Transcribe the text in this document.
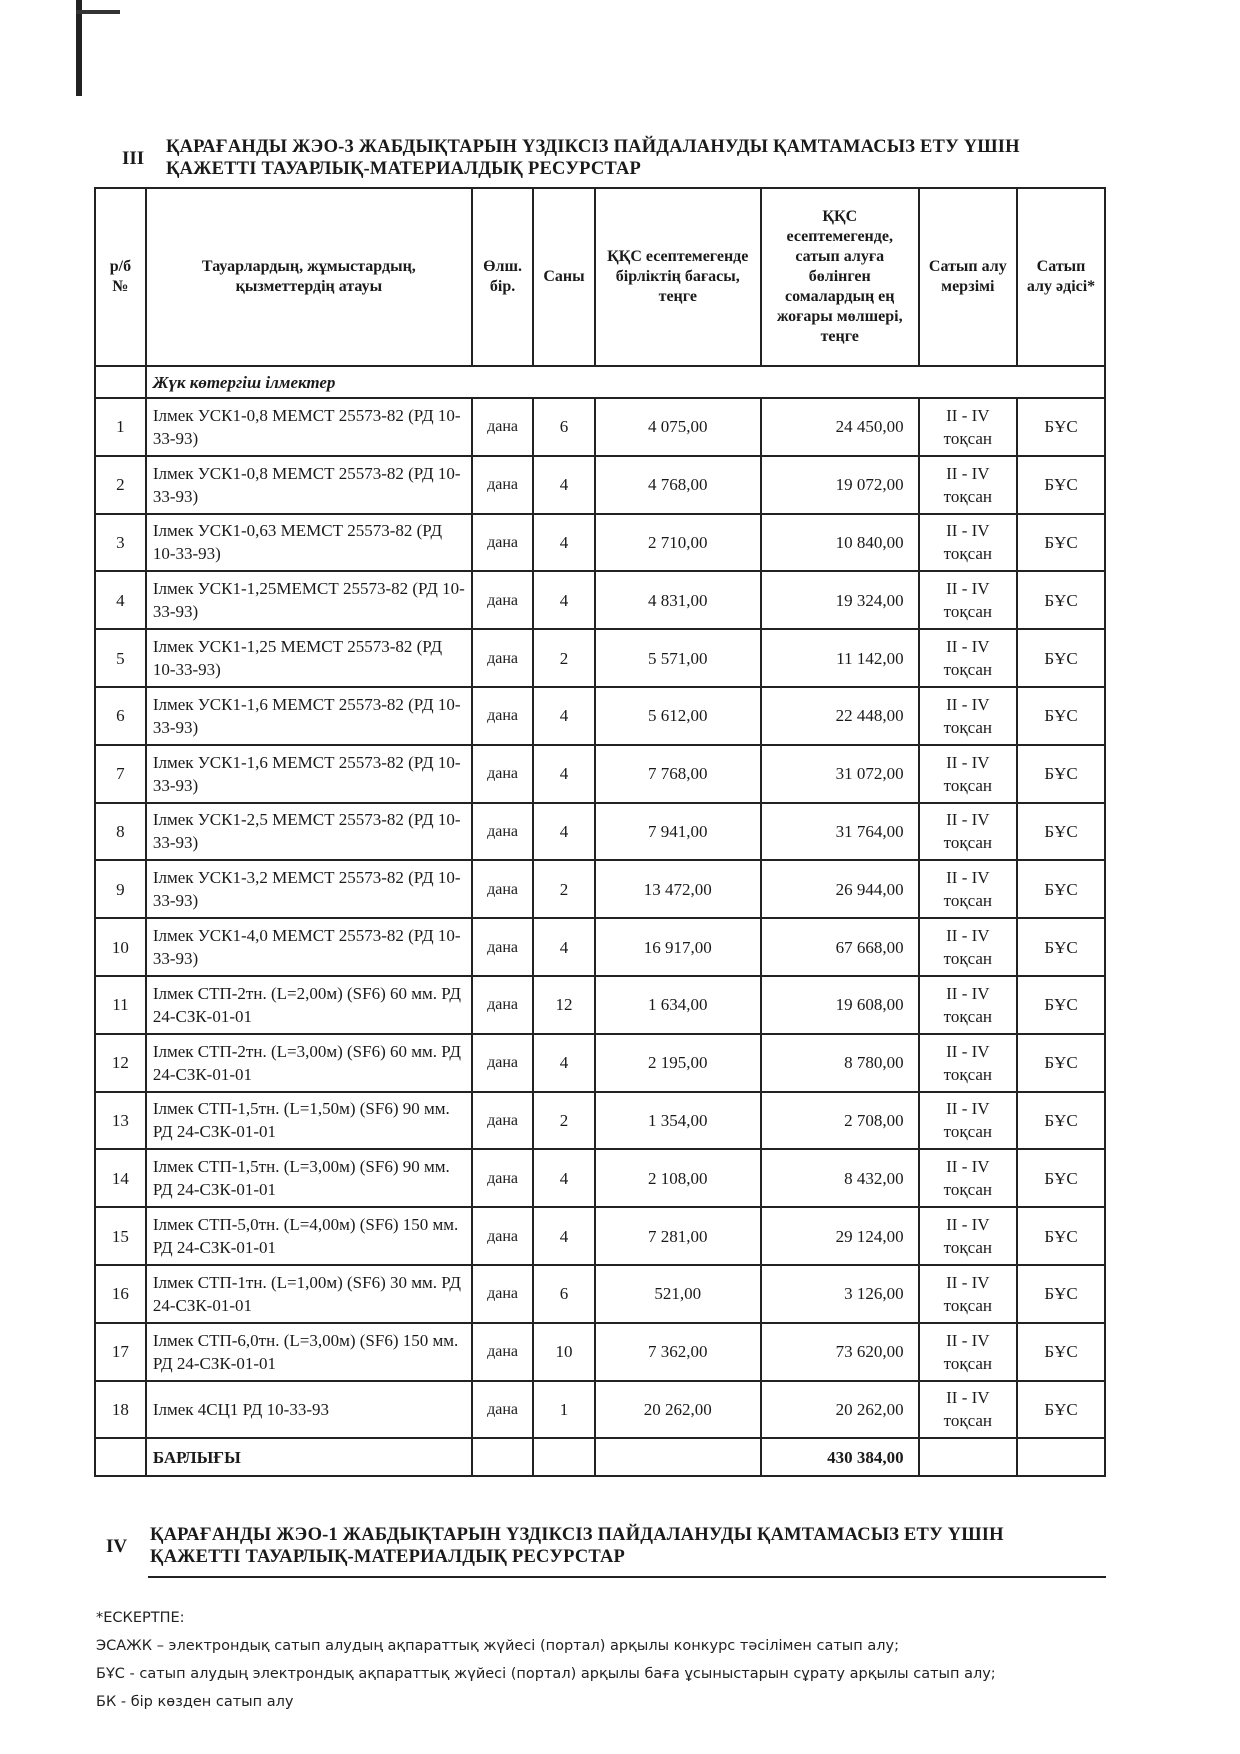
III
ҚАРАҒАНДЫ ЖЭО-3 ЖАБДЫҚТАРЫН ҮЗДІКСІЗ ПАЙДАЛАНУДЫ ҚАМТАМАСЫЗ ЕТУ ҮШІН
ҚАЖЕТТІ ТАУАРЛЫҚ-МАТЕРИАЛДЫҚ РЕСУРСТАР
р/б №	Тауарлардың, жұмыстардың, қызметтердің атауы	Өлш. бір.	Саны	ҚҚС есептемегенде бірліктің бағасы, теңге	ҚҚС есептемегенде, сатып алуға бөлінген сомалардың ең жоғары мөлшері, теңге	Сатып алу мерзімі	Сатып алу әдісі*
	Жүк көтергіш ілмектер						
1	Ілмек УСК1-0,8 МЕМСТ 25573-82 (РД 10-33-93)	дана	6	4 075,00	24 450,00	ІІ - ІV тоқсан	БҰС
2	Ілмек УСК1-0,8 МЕМСТ 25573-82 (РД 10-33-93)	дана	4	4 768,00	19 072,00	ІІ - ІV тоқсан	БҰС
3	Ілмек УСК1-0,63 МЕМСТ 25573-82 (РД 10-33-93)	дана	4	2 710,00	10 840,00	ІІ - ІV тоқсан	БҰС
4	Ілмек УСК1-1,25МЕМСТ 25573-82 (РД 10-33-93)	дана	4	4 831,00	19 324,00	ІІ - ІV тоқсан	БҰС
5	Ілмек УСК1-1,25 МЕМСТ 25573-82 (РД 10-33-93)	дана	2	5 571,00	11 142,00	ІІ - ІV тоқсан	БҰС
6	Ілмек УСК1-1,6 МЕМСТ 25573-82 (РД 10-33-93)	дана	4	5 612,00	22 448,00	ІІ - ІV тоқсан	БҰС
7	Ілмек УСК1-1,6 МЕМСТ 25573-82 (РД 10-33-93)	дана	4	7 768,00	31 072,00	ІІ - ІV тоқсан	БҰС
8	Ілмек УСК1-2,5 МЕМСТ 25573-82 (РД 10-33-93)	дана	4	7 941,00	31 764,00	ІІ - ІV тоқсан	БҰС
9	Ілмек УСК1-3,2 МЕМСТ 25573-82 (РД 10-33-93)	дана	2	13 472,00	26 944,00	ІІ - ІV тоқсан	БҰС
10	Ілмек УСК1-4,0 МЕМСТ 25573-82 (РД 10-33-93)	дана	4	16 917,00	67 668,00	ІІ - ІV тоқсан	БҰС
11	Ілмек СТП-2тн. (L=2,00м) (SF6) 60 мм. РД 24-СЗК-01-01	дана	12	1 634,00	19 608,00	ІІ - ІV тоқсан	БҰС
12	Ілмек СТП-2тн. (L=3,00м) (SF6) 60 мм. РД 24-СЗК-01-01	дана	4	2 195,00	8 780,00	ІІ - ІV тоқсан	БҰС
13	Ілмек СТП-1,5тн. (L=1,50м) (SF6) 90 мм. РД 24-СЗК-01-01	дана	2	1 354,00	2 708,00	ІІ - ІV тоқсан	БҰС
14	Ілмек СТП-1,5тн. (L=3,00м) (SF6) 90 мм. РД 24-СЗК-01-01	дана	4	2 108,00	8 432,00	ІІ - ІV тоқсан	БҰС
15	Ілмек СТП-5,0тн. (L=4,00м) (SF6) 150 мм. РД 24-СЗК-01-01	дана	4	7 281,00	29 124,00	ІІ - ІV тоқсан	БҰС
16	Ілмек СТП-1тн. (L=1,00м) (SF6) 30 мм. РД 24-СЗК-01-01	дана	6	521,00	3 126,00	ІІ - ІV тоқсан	БҰС
17	Ілмек СТП-6,0тн. (L=3,00м) (SF6) 150 мм. РД 24-СЗК-01-01	дана	10	7 362,00	73 620,00	ІІ - ІV тоқсан	БҰС
18	Ілмек 4СЦ1 РД 10-33-93	дана	1	20 262,00	20 262,00	ІІ - ІV тоқсан	БҰС
	БАРЛЫҒЫ				430 384,00		
IV
ҚАРАҒАНДЫ ЖЭО-1 ЖАБДЫҚТАРЫН ҮЗДІКСІЗ ПАЙДАЛАНУДЫ ҚАМТАМАСЫЗ ЕТУ ҮШІН
ҚАЖЕТТІ ТАУАРЛЫҚ-МАТЕРИАЛДЫҚ РЕСУРСТАР
*ЕСКЕРТПЕ:
ЭСАЖК – электрондық сатып алудың ақпараттық жүйесі (портал) арқылы конкурс тәсілімен сатып алу;
БҰС - сатып алудың электрондық ақпараттық жүйесі (портал) арқылы баға ұсыныстарын сұрату арқылы сатып алу;
БК - бір көзден сатып алу
